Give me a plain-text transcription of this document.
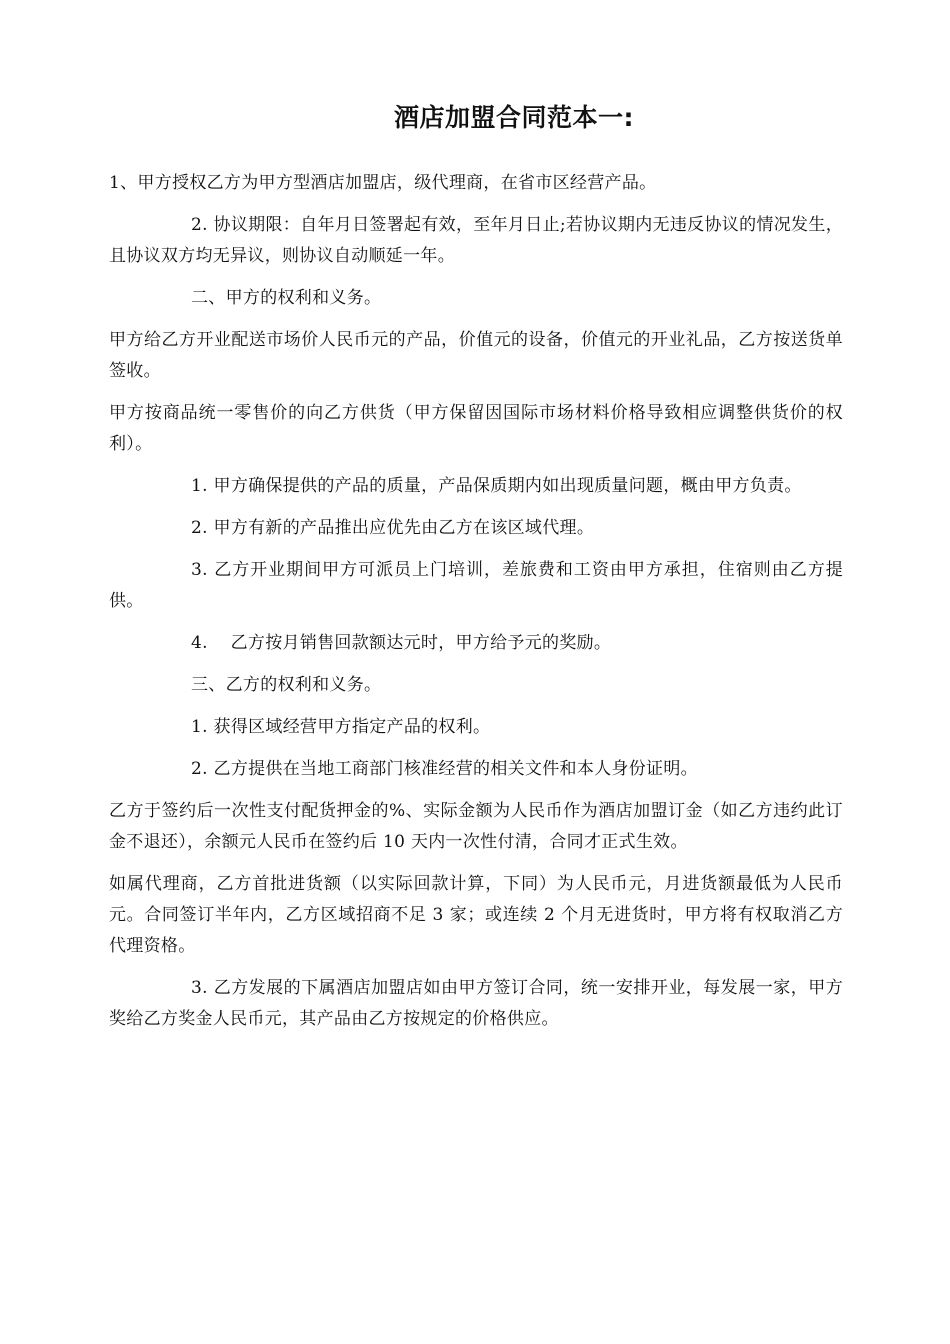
酒店加盟合同范本一:

1、甲方授权乙方为甲方型酒店加盟店，级代理商，在省市区经营产品。

2. 协议期限：自年月日签署起有效，至年月日止;若协议期内无违反协议的情况发生，且协议双方均无异议，则协议自动顺延一年。

二、甲方的权利和义务。

甲方给乙方开业配送市场价人民币元的产品，价值元的设备，价值元的开业礼品，乙方按送货单签收。

甲方按商品统一零售价的向乙方供货（甲方保留因国际市场材料价格导致相应调整供货价的权利）。

1. 甲方确保提供的产品的质量，产品保质期内如出现质量问题，概由甲方负责。

2. 甲方有新的产品推出应优先由乙方在该区域代理。

3. 乙方开业期间甲方可派员上门培训，差旅费和工资由甲方承担，住宿则由乙方提供。

4.    乙方按月销售回款额达元时，甲方给予元的奖励。

三、乙方的权利和义务。

1. 获得区域经营甲方指定产品的权利。

2. 乙方提供在当地工商部门核准经营的相关文件和本人身份证明。

乙方于签约后一次性支付配货押金的%、实际金额为人民币作为酒店加盟订金（如乙方违约此订金不退还），余额元人民币在签约后 10 天内一次性付清，合同才正式生效。

如属代理商，乙方首批进货额（以实际回款计算，下同）为人民币元，月进货额最低为人民币元。合同签订半年内，乙方区域招商不足 3 家；或连续 2 个月无进货时，甲方将有权取消乙方代理资格。

3. 乙方发展的下属酒店加盟店如由甲方签订合同，统一安排开业，每发展一家，甲方奖给乙方奖金人民币元，其产品由乙方按规定的价格供应。
